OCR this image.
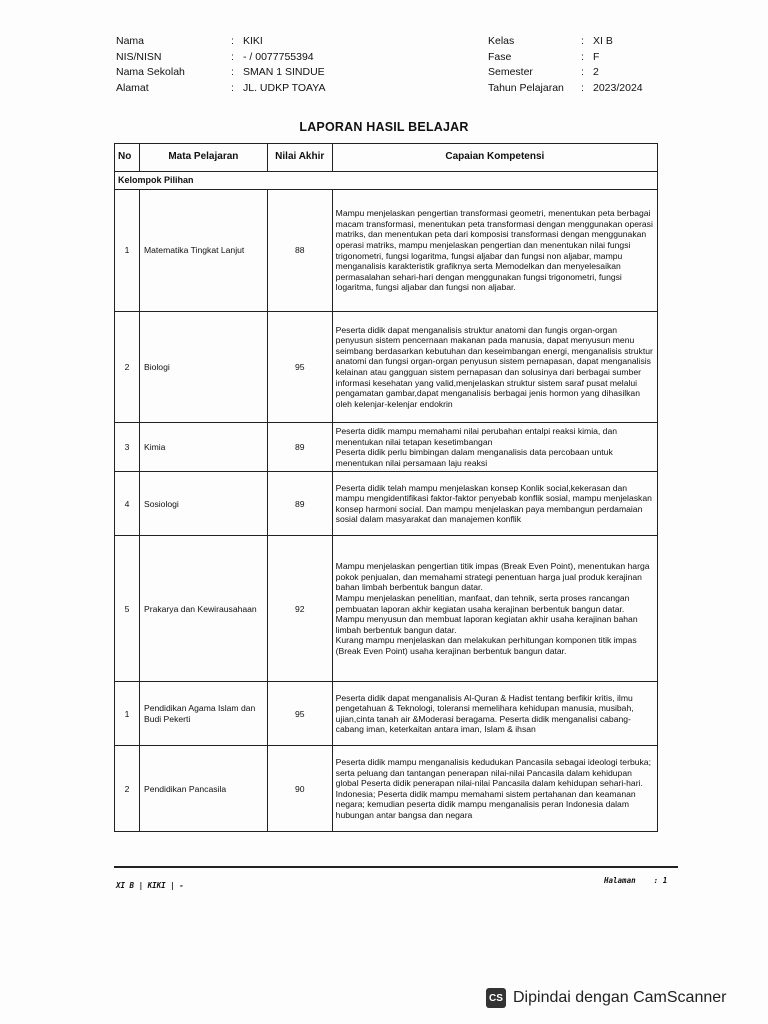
Nama	: KIKI
NIS/NISN	: - / 0077755394
Nama Sekolah	: SMAN 1 SINDUE
Alamat	: JL. UDKP TOAYA
Kelas	: XI B
Fase	: F
Semester	: 2
Tahun Pelajaran	: 2023/2024
LAPORAN HASIL BELAJAR
No	Mata Pelajaran	Nilai Akhir	Capaian Kompetensi
Kelompok Pilihan			
1	Matematika Tingkat Lanjut	88	Mampu menjelaskan pengertian transformasi geometri, menentukan peta berbagai macam transformasi, menentukan peta transformasi dengan menggunakan operasi matriks, dan menentukan peta dari komposisi transformasi dengan menggunakan operasi matriks, mampu menjelaskan pengertian dan menentukan nilai fungsi trigonometri, fungsi logaritma, fungsi aljabar dan fungsi non aljabar, mampu menganalisis karakteristik grafiknya serta Memodelkan dan menyelesaikan permasalahan sehari-hari dengan menggunakan fungsi trigonometri, fungsi logaritma, fungsi aljabar dan fungsi non aljabar.
2	Biologi	95	Peserta didik dapat menganalisis struktur anatomi dan fungis organ-organ penyusun sistem pencernaan makanan pada manusia, dapat menyusun menu seimbang berdasarkan kebutuhan dan keseimbangan energi, menganalisis struktur anatomi dan fungsi organ-organ penyusun sistem pernapasan, dapat menganalisis kelainan atau gangguan sistem pernapasan dan solusinya dari berbagai sumber informasi kesehatan yang valid,menjelaskan struktur sistem saraf pusat melalui pengamatan gambar,dapat menganalisis berbagai jenis hormon yang dihasilkan oleh kelenjar-kelenjar endokrin
3	Kimia	89	Peserta didik mampu memahami nilai perubahan entalpi reaksi kimia, dan menentukan nilai tetapan kesetimbangan
Peserta didik perlu bimbingan dalam menganalisis data percobaan untuk menentukan nilai persamaan laju reaksi
4	Sosiologi	89	Peserta didik telah mampu menjelaskan konsep Konlik social,kekerasan dan mampu mengidentifikasi faktor-faktor penyebab konflik sosial, mampu menjelaskan konsep harmoni social. Dan mampu menjelaskan paya membangun perdamaian sosial dalam masyarakat dan manajemen konflik
5	Prakarya dan Kewirausahaan	92	Mampu menjelaskan pengertian titik impas (Break Even Point), menentukan harga pokok penjualan, dan memahami strategi penentuan harga jual produk kerajinan bahan limbah berbentuk bangun datar.
Mampu menjelaskan penelitian, manfaat, dan tehnik, serta proses rancangan pembuatan laporan akhir kegiatan usaha kerajinan berbentuk bangun datar.
Mampu menyusun dan membuat laporan kegiatan akhir usaha kerajinan bahan limbah berbentuk bangun datar.
Kurang mampu menjelaskan dan melakukan perhitungan komponen titik impas (Break Even Point) usaha kerajinan berbentuk bangun datar.
1	Pendidikan Agama Islam dan Budi Pekerti	95	Peserta didik dapat menganalisis Al-Quran & Hadist tentang berfikir kritis, ilmu pengetahuan & Teknologi, toleransi memelihara kehidupan manusia, musibah, ujian,cinta tanah air &Moderasi beragama. Peserta didik menganalisi cabang-cabang iman, keterkaitan antara iman, Islam & ihsan
2	Pendidikan Pancasila	90	Peserta didik mampu menganalisis kedudukan Pancasila sebagai ideologi terbuka; serta peluang dan tantangan penerapan nilai-nilai Pancasila dalam kehidupan global Peserta didik penerapan nilai-nilai Pancasila dalam kehidupan sehari-hari.
Indonesia; Peserta didik mampu memahami sistem pertahanan dan keamanan negara; kemudian peserta didik mampu menganalisis peran Indonesia dalam hubungan antar bangsa dan negara
XI B | KIKI | -
Halaman : 1
CS Dipindai dengan CamScanner
